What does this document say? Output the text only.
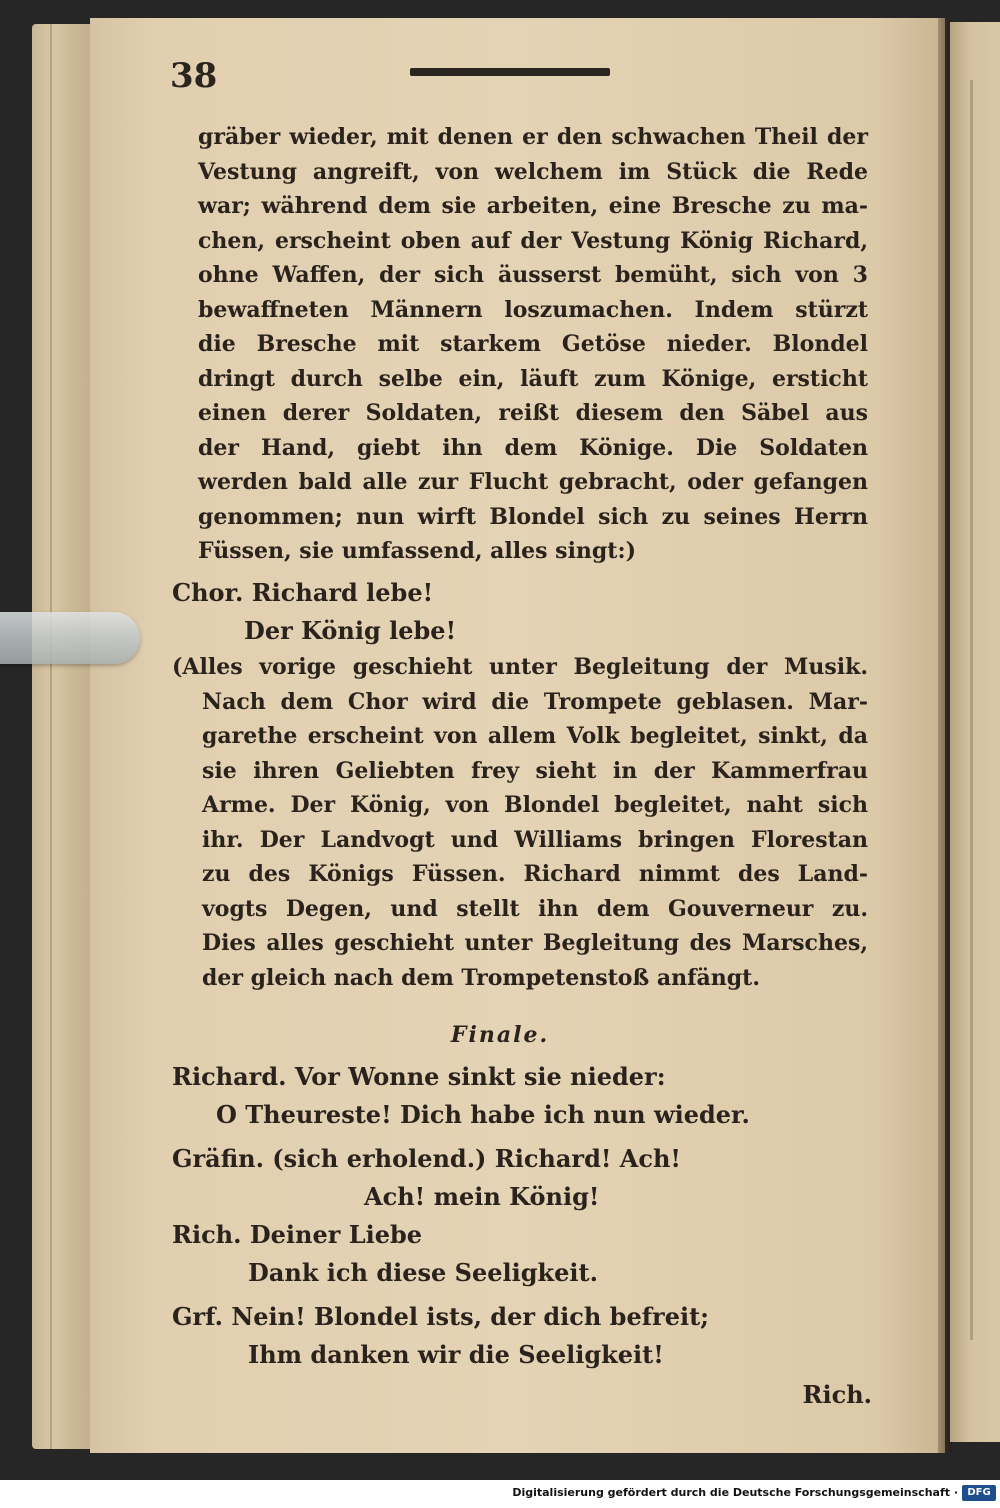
38
gräber wieder, mit denen er den schwachen Theil der
Vestung angreift, von welchem im Stück die Rede
war; während dem sie arbeiten, eine Bresche zu ma-
chen, erscheint oben auf der Vestung König Richard,
ohne Waffen, der sich äusserst bemüht, sich von 3
bewaffneten Männern loszumachen. Indem stürzt
die Bresche mit starkem Getöse nieder. Blondel
dringt durch selbe ein, läuft zum Könige, ersticht
einen derer Soldaten, reißt diesem den Säbel aus
der Hand, giebt ihn dem Könige. Die Soldaten
werden bald alle zur Flucht gebracht, oder gefangen
genommen; nun wirft Blondel sich zu seines Herrn
Füssen, sie umfassend, alles singt:)
Chor. Richard lebe!
Der König lebe!
(Alles vorige geschieht unter Begleitung der Musik.
Nach dem Chor wird die Trompete geblasen. Mar-
garethe erscheint von allem Volk begleitet, sinkt, da
sie ihren Geliebten frey sieht in der Kammerfrau
Arme. Der König, von Blondel begleitet, naht sich
ihr. Der Landvogt und Williams bringen Florestan
zu des Königs Füssen. Richard nimmt des Land-
vogts Degen, und stellt ihn dem Gouverneur zu.
Dies alles geschieht unter Begleitung des Marsches,
der gleich nach dem Trompetenstoß anfängt.
Finale.
Richard. Vor Wonne sinkt sie nieder:
O Theureste! Dich habe ich nun wieder.
Gräfin. (sich erholend.) Richard! Ach!
Ach! mein König!
Rich. Deiner Liebe
Dank ich diese Seeligkeit.
Grf. Nein! Blondel ists, der dich befreit;
Ihm danken wir die Seeligkeit!
Rich.
Digitalisierung gefördert durch die Deutsche Forschungsgemeinschaft · DFG
